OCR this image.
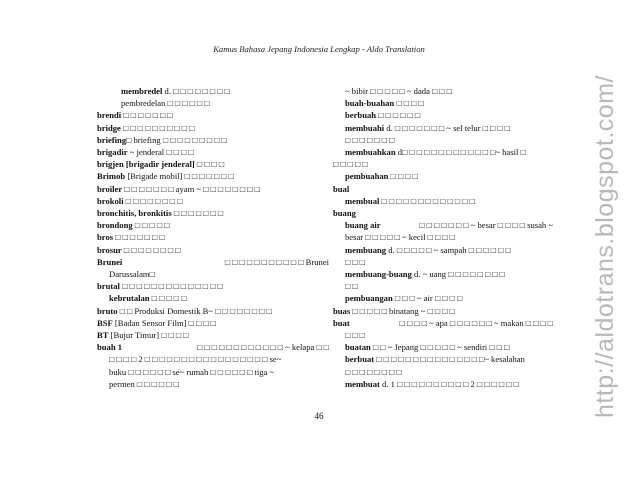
Kamus Bahasa Jepang Indonesia Lengkap - Aldo Translation
membredel d. □ □ □ □ □ □ □ □
pembredelan □ □ □ □ □ □
brendi □ □ □ □ □ □ □
bridge □ □ □ □ □ □ □ □ □ □
briefing□ briefing □ □ □ □ □ □ □ □ □
brigadir ~ jenderal □ □ □ □
brigjen [brigadir jenderal] □ □ □ □
Brimob [Brigade mobil] □ □ □ □ □ □ □
broiler □ □ □ □ □ □ □ ayam ~ □ □ □ □ □ □ □ □
brokoli □ □ □ □ □ □ □ □
bronchitis, bronkitis □ □ □ □ □ □ □
brondong □ □ □ □ □
bros □ □ □ □ □ □ □
brosur □ □ □ □ □ □ □ □
Brunei	□ □ □ □ □ □ □ □ □ □ □ Brunei
Darussalam□
brutal □ □ □ □ □ □ □ □ □ □ □ □ □ □
kebrutalan □ □ □ □ □
bruto □ □ Produksi Domestik B~ □ □ □ □ □ □ □ □
BSF [Badan Sensor Film] □ □ □ □
BT [Bujur Timur] □ □ □ □
buah 1	□ □ □ □ □ □ □ □ □ □ □ □ ~ kelapa □ □
□ □ □ □ 2 □ □ □ □ □ □ □ □ □ □ □ □ □ □ □ □ □ se~
buku □ □ □ □ □ □ se~ rumah □ □ □ □ □ □ tiga ~
permen □ □ □ □ □ □
~ bibir □ □ □ □ □ ~ dada □ □ □
buah-buahan □ □ □ □
berbuah □ □ □ □ □ □
membuahi d. □ □ □ □ □ □ □ ~ sel telur □ □ □ □
□ □ □ □ □ □ □
membuahkan d□ □ □ □ □ □ □ □ □ □ □ □ □~ hasil □
□ □ □ □ □
pembuahan □ □ □ □
bual
membual □ □ □ □ □ □ □ □ □ □ □ □ □
buang
buang air	□ □ □ □ □ □ □ ~ besar □ □ □ □ susah ~
besar □ □ □ □ □ ~ kecil □ □ □ □
membuang d. □ □ □ □ □ ~ sampah □ □ □ □ □ □
□ □ □
membuang-buang d. ~ uang □ □ □ □ □ □ □ □
□ □
pembuangan □ □ □ ~ air □ □ □ □
buas □ □ □ □ □ binatang ~ □ □ □ □
buat	□ □ □ □ ~ apa □ □ □ □ □ □ ~ makan □ □ □ □
□ □ □
buatan □ □ ~ Jepang □ □ □ □ □ ~ sendiri □ □ □
berbuat □ □ □ □ □ □ □ □ □ □ □ □ □ □ □~ kesalahan
□ □ □ □ □ □ □ □
membuat d. 1 □ □ □ □ □ □ □ □ □ □ 2 □ □ □ □ □ □
46	http://aldotrans.blogspot.com/
